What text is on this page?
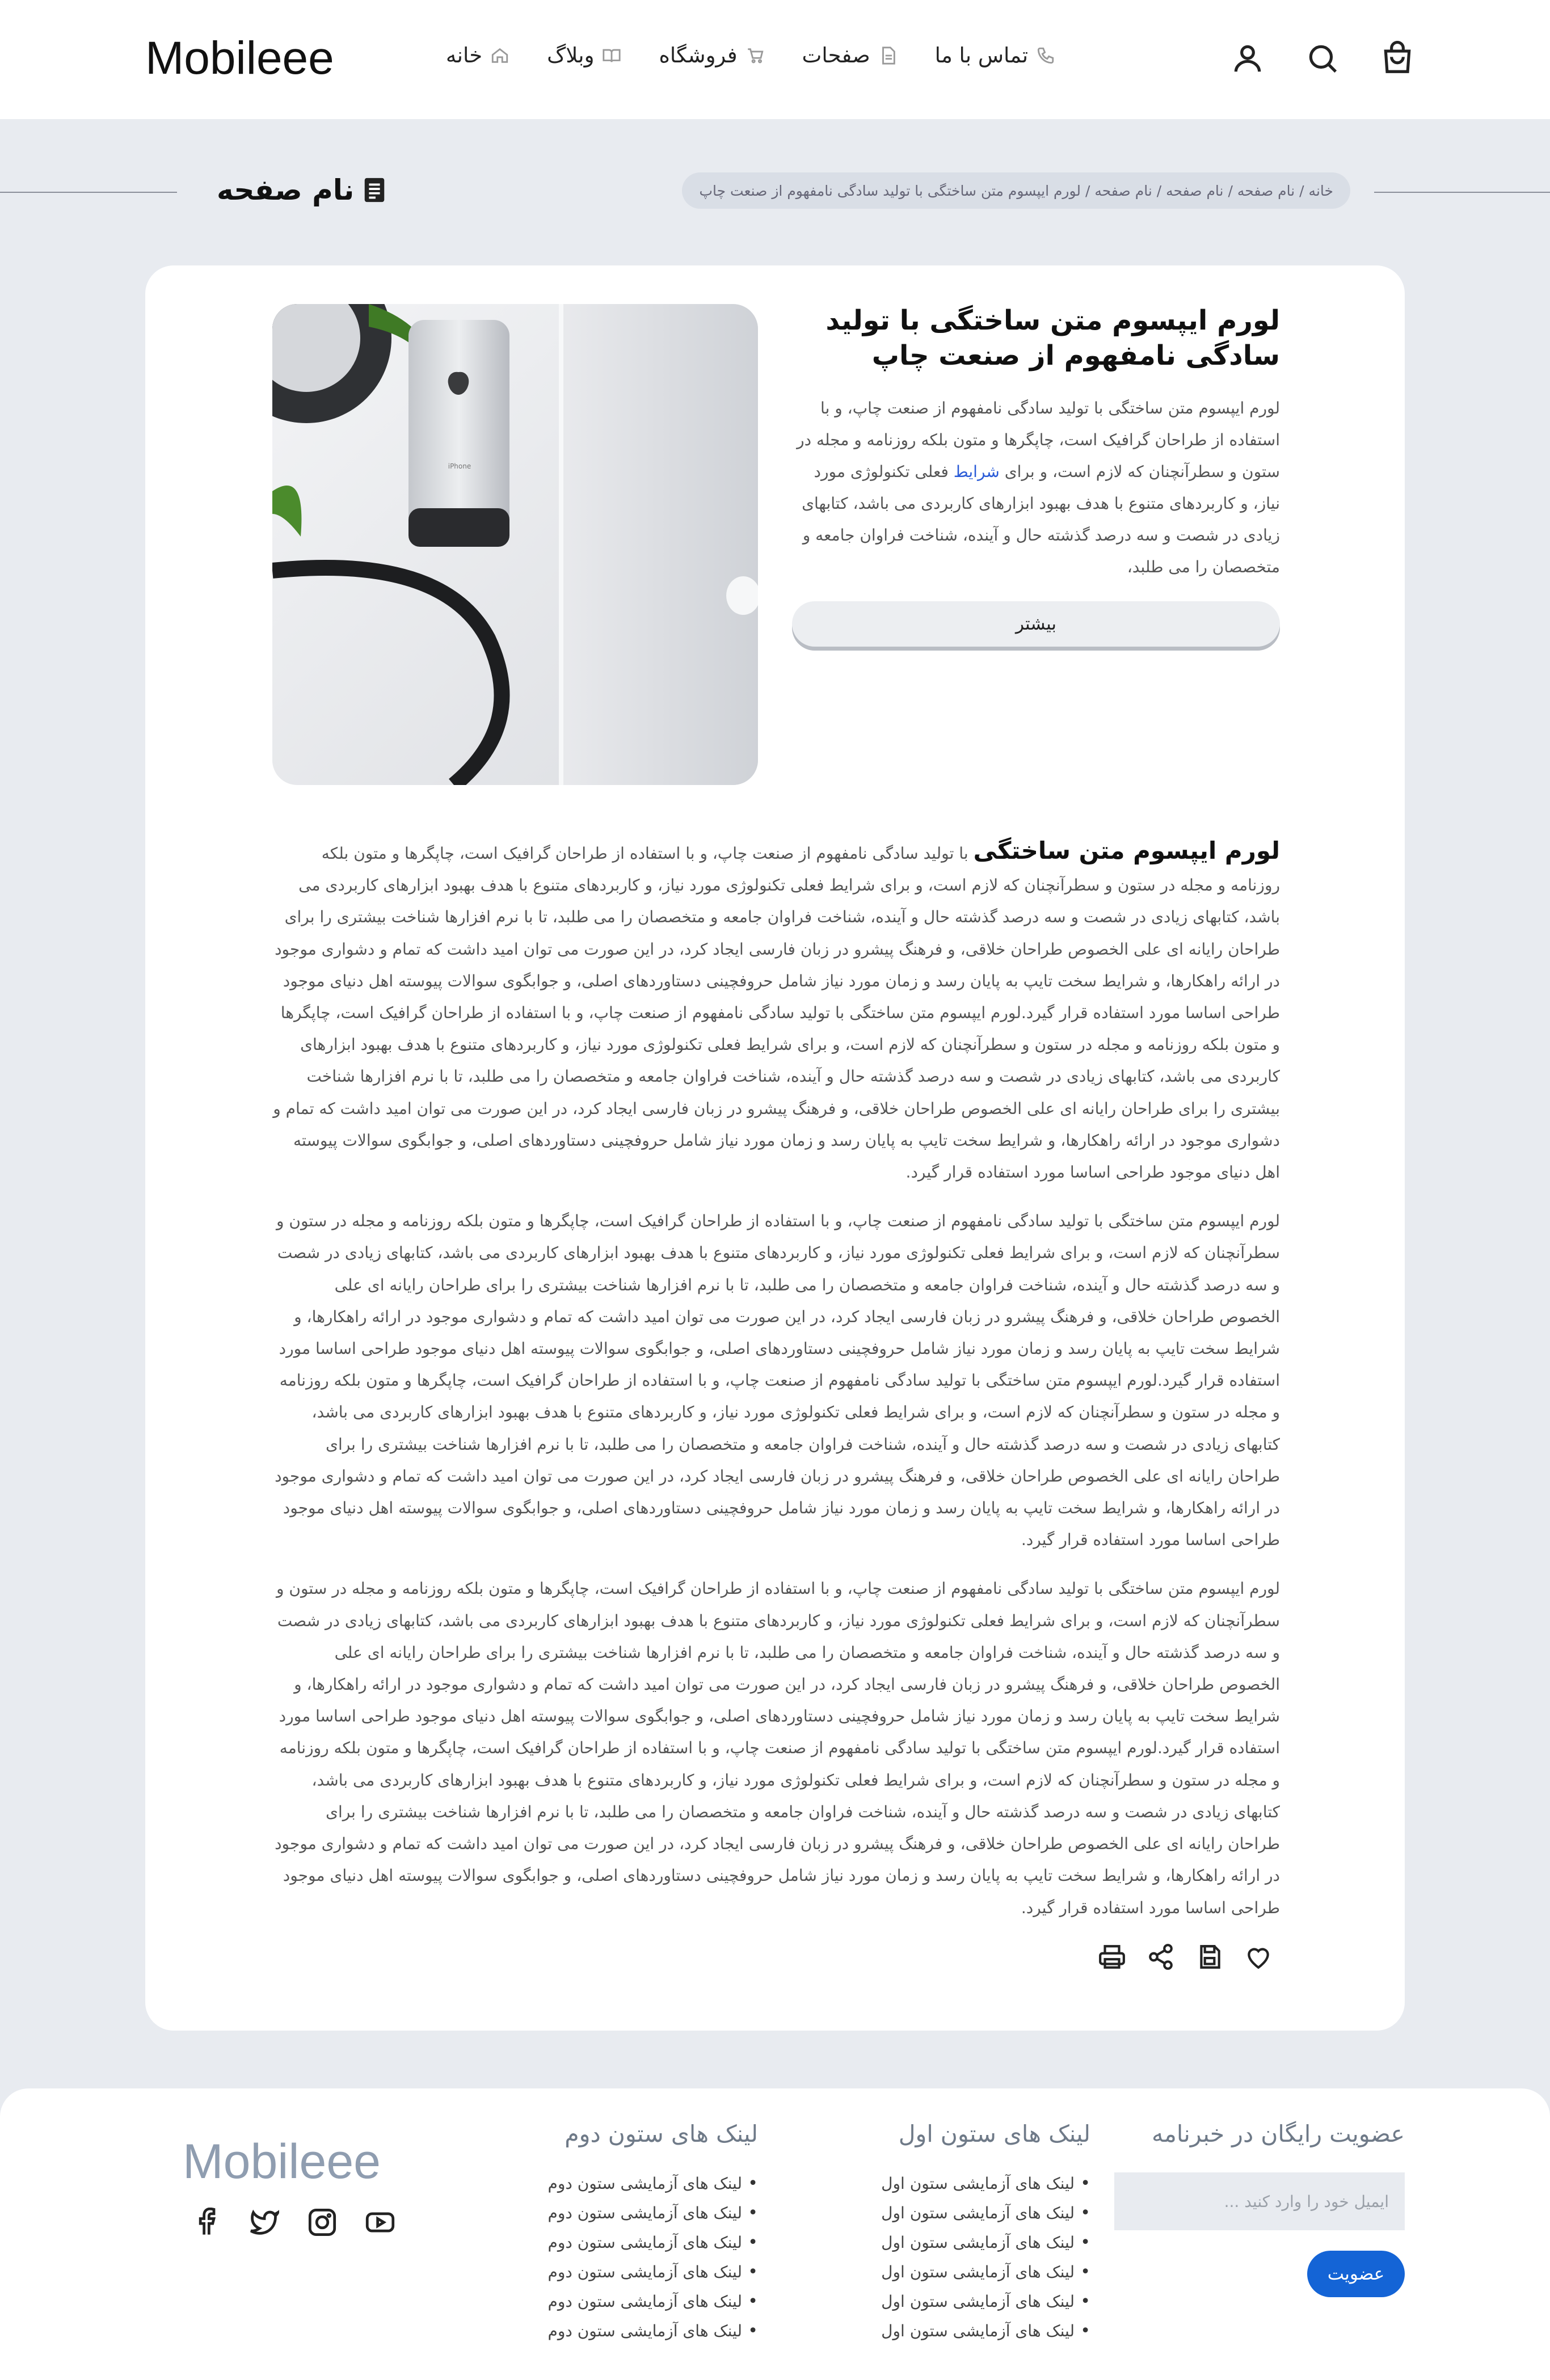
Mobileee	خانه	وبلاگ	فروشگاه	صفحات	تماس با ما
نام صفحه	خانه / نام صفحه / نام صفحه / نام صفحه / لورم ایپسوم متن ساختگی با تولید سادگی نامفهوم از صنعت چاپ
iPhone
لورم ایپسوم متن ساختگی با تولید سادگی نامفهوم از صنعت چاپ

لورم ایپسوم متن ساختگی با تولید سادگی نامفهوم از صنعت چاپ، و با استفاده از طراحان گرافیک است، چاپگرها و متون بلکه روزنامه و مجله در ستون و سطرآنچنان که لازم است، و برای شرایط فعلی تکنولوژی مورد نیاز، و کاربردهای متنوع با هدف بهبود ابزارهای کاربردی می باشد، کتابهای زیادی در شصت و سه درصد گذشته حال و آینده، شناخت فراوان جامعه و متخصصان را می طلبد،

بیشتر

لورم ایپسوم متن ساختگی با تولید سادگی نامفهوم از صنعت چاپ، و با استفاده از طراحان گرافیک است، چاپگرها و متون بلکه روزنامه و مجله در ستون و سطرآنچنان که لازم است، و برای شرایط فعلی تکنولوژی مورد نیاز، و کاربردهای متنوع با هدف بهبود ابزارهای کاربردی می باشد، کتابهای زیادی در شصت و سه درصد گذشته حال و آینده، شناخت فراوان جامعه و متخصصان را می طلبد، تا با نرم افزارها شناخت بیشتری را برای طراحان رایانه ای علی الخصوص طراحان خلاقی، و فرهنگ پیشرو در زبان فارسی ایجاد کرد، در این صورت می توان امید داشت که تمام و دشواری موجود در ارائه راهکارها، و شرایط سخت تایپ به پایان رسد و زمان مورد نیاز شامل حروفچینی دستاوردهای اصلی، و جوابگوی سوالات پیوسته اهل دنیای موجود طراحی اساسا مورد استفاده قرار گیرد.لورم ایپسوم متن ساختگی با تولید سادگی نامفهوم از صنعت چاپ، و با استفاده از طراحان گرافیک است، چاپگرها و متون بلکه روزنامه و مجله در ستون و سطرآنچنان که لازم است، و برای شرایط فعلی تکنولوژی مورد نیاز، و کاربردهای متنوع با هدف بهبود ابزارهای کاربردی می باشد، کتابهای زیادی در شصت و سه درصد گذشته حال و آینده، شناخت فراوان جامعه و متخصصان را می طلبد، تا با نرم افزارها شناخت بیشتری را برای طراحان رایانه ای علی الخصوص طراحان خلاقی، و فرهنگ پیشرو در زبان فارسی ایجاد کرد، در این صورت می توان امید داشت که تمام و دشواری موجود در ارائه راهکارها، و شرایط سخت تایپ به پایان رسد و زمان مورد نیاز شامل حروفچینی دستاوردهای اصلی، و جوابگوی سوالات پیوسته اهل دنیای موجود طراحی اساسا مورد استفاده قرار گیرد.

لورم ایپسوم متن ساختگی با تولید سادگی نامفهوم از صنعت چاپ، و با استفاده از طراحان گرافیک است، چاپگرها و متون بلکه روزنامه و مجله در ستون و سطرآنچنان که لازم است، و برای شرایط فعلی تکنولوژی مورد نیاز، و کاربردهای متنوع با هدف بهبود ابزارهای کاربردی می باشد، کتابهای زیادی در شصت و سه درصد گذشته حال و آینده، شناخت فراوان جامعه و متخصصان را می طلبد، تا با نرم افزارها شناخت بیشتری را برای طراحان رایانه ای علی الخصوص طراحان خلاقی، و فرهنگ پیشرو در زبان فارسی ایجاد کرد، در این صورت می توان امید داشت که تمام و دشواری موجود در ارائه راهکارها، و شرایط سخت تایپ به پایان رسد و زمان مورد نیاز شامل حروفچینی دستاوردهای اصلی، و جوابگوی سوالات پیوسته اهل دنیای موجود طراحی اساسا مورد استفاده قرار گیرد.لورم ایپسوم متن ساختگی با تولید سادگی نامفهوم از صنعت چاپ، و با استفاده از طراحان گرافیک است، چاپگرها و متون بلکه روزنامه و مجله در ستون و سطرآنچنان که لازم است، و برای شرایط فعلی تکنولوژی مورد نیاز، و کاربردهای متنوع با هدف بهبود ابزارهای کاربردی می باشد، کتابهای زیادی در شصت و سه درصد گذشته حال و آینده، شناخت فراوان جامعه و متخصصان را می طلبد، تا با نرم افزارها شناخت بیشتری را برای طراحان رایانه ای علی الخصوص طراحان خلاقی، و فرهنگ پیشرو در زبان فارسی ایجاد کرد، در این صورت می توان امید داشت که تمام و دشواری موجود در ارائه راهکارها، و شرایط سخت تایپ به پایان رسد و زمان مورد نیاز شامل حروفچینی دستاوردهای اصلی، و جوابگوی سوالات پیوسته اهل دنیای موجود طراحی اساسا مورد استفاده قرار گیرد.

لورم ایپسوم متن ساختگی با تولید سادگی نامفهوم از صنعت چاپ، و با استفاده از طراحان گرافیک است، چاپگرها و متون بلکه روزنامه و مجله در ستون و سطرآنچنان که لازم است، و برای شرایط فعلی تکنولوژی مورد نیاز، و کاربردهای متنوع با هدف بهبود ابزارهای کاربردی می باشد، کتابهای زیادی در شصت و سه درصد گذشته حال و آینده، شناخت فراوان جامعه و متخصصان را می طلبد، تا با نرم افزارها شناخت بیشتری را برای طراحان رایانه ای علی الخصوص طراحان خلاقی، و فرهنگ پیشرو در زبان فارسی ایجاد کرد، در این صورت می توان امید داشت که تمام و دشواری موجود در ارائه راهکارها، و شرایط سخت تایپ به پایان رسد و زمان مورد نیاز شامل حروفچینی دستاوردهای اصلی، و جوابگوی سوالات پیوسته اهل دنیای موجود طراحی اساسا مورد استفاده قرار گیرد.لورم ایپسوم متن ساختگی با تولید سادگی نامفهوم از صنعت چاپ، و با استفاده از طراحان گرافیک است، چاپگرها و متون بلکه روزنامه و مجله در ستون و سطرآنچنان که لازم است، و برای شرایط فعلی تکنولوژی مورد نیاز، و کاربردهای متنوع با هدف بهبود ابزارهای کاربردی می باشد، کتابهای زیادی در شصت و سه درصد گذشته حال و آینده، شناخت فراوان جامعه و متخصصان را می طلبد، تا با نرم افزارها شناخت بیشتری را برای طراحان رایانه ای علی الخصوص طراحان خلاقی، و فرهنگ پیشرو در زبان فارسی ایجاد کرد، در این صورت می توان امید داشت که تمام و دشواری موجود در ارائه راهکارها، و شرایط سخت تایپ به پایان رسد و زمان مورد نیاز شامل حروفچینی دستاوردهای اصلی، و جوابگوی سوالات پیوسته اهل دنیای موجود طراحی اساسا مورد استفاده قرار گیرد.

عضویت رایگان در خبرنامه
ایمیل خود را وارد کنید ... عضویت
لینک های ستون اول
• لینک های آزمایشی ستون اول
• لینک های آزمایشی ستون اول
• لینک های آزمایشی ستون اول
• لینک های آزمایشی ستون اول
• لینک های آزمایشی ستون اول
• لینک های آزمایشی ستون اول
لینک های ستون دوم
• لینک های آزمایشی ستون دوم
• لینک های آزمایشی ستون دوم
• لینک های آزمایشی ستون دوم
• لینک های آزمایشی ستون دوم
• لینک های آزمایشی ستون دوم
• لینک های آزمایشی ستون دوم
Mobileee
